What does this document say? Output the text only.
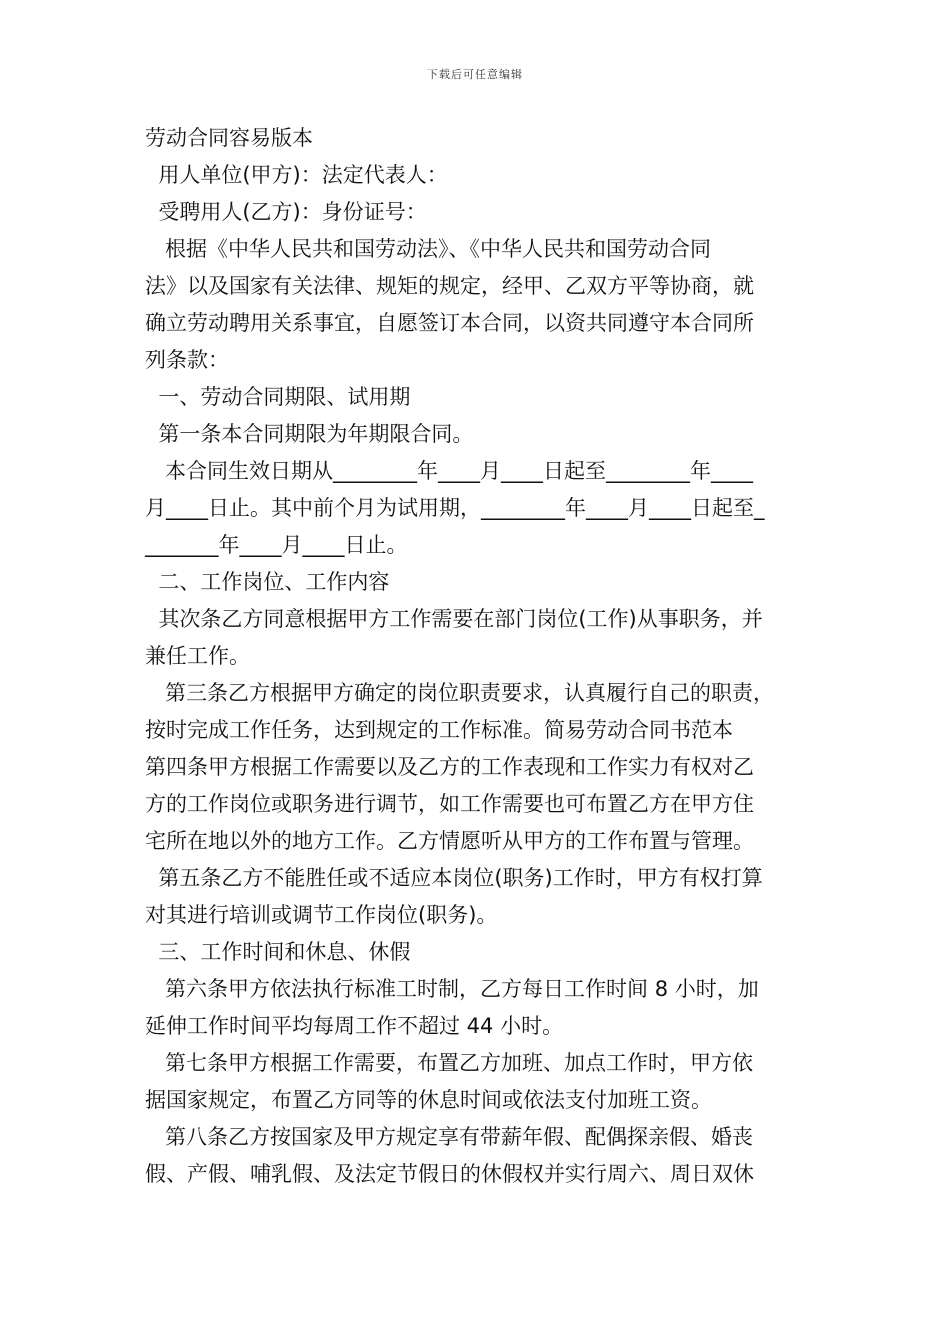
下载后可任意编辑
劳动合同容易版本
用人单位(甲方)：法定代表人：
受聘用人(乙方)：身份证号：
根据《中华人民共和国劳动法》、《中华人民共和国劳动合同
法》以及国家有关法律、规矩的规定，经甲、乙双方平等协商，就
确立劳动聘用关系事宜，自愿签订本合同，以资共同遵守本合同所
列条款：
一、劳动合同期限、试用期
第一条本合同期限为年期限合同。
本合同生效日期从________年____月____日起至________年____
月____日止。其中前个月为试用期，________年____月____日起至_
_______年____月____日止。
二、工作岗位、工作内容
其次条乙方同意根据甲方工作需要在部门岗位(工作)从事职务，并
兼任工作。
第三条乙方根据甲方确定的岗位职责要求，认真履行自己的职责，
按时完成工作任务，达到规定的工作标准。简易劳动合同书范本
第四条甲方根据工作需要以及乙方的工作表现和工作实力有权对乙
方的工作岗位或职务进行调节，如工作需要也可布置乙方在甲方住
宅所在地以外的地方工作。乙方情愿听从甲方的工作布置与管理。
第五条乙方不能胜任或不适应本岗位(职务)工作时，甲方有权打算
对其进行培训或调节工作岗位(职务)。
三、工作时间和休息、休假
第六条甲方依法执行标准工时制，乙方每日工作时间 8 小时，加
延伸工作时间平均每周工作不超过 44 小时。
第七条甲方根据工作需要，布置乙方加班、加点工作时，甲方依
据国家规定，布置乙方同等的休息时间或依法支付加班工资。
第八条乙方按国家及甲方规定享有带薪年假、配偶探亲假、婚丧
假、产假、哺乳假、及法定节假日的休假权并实行周六、周日双休
